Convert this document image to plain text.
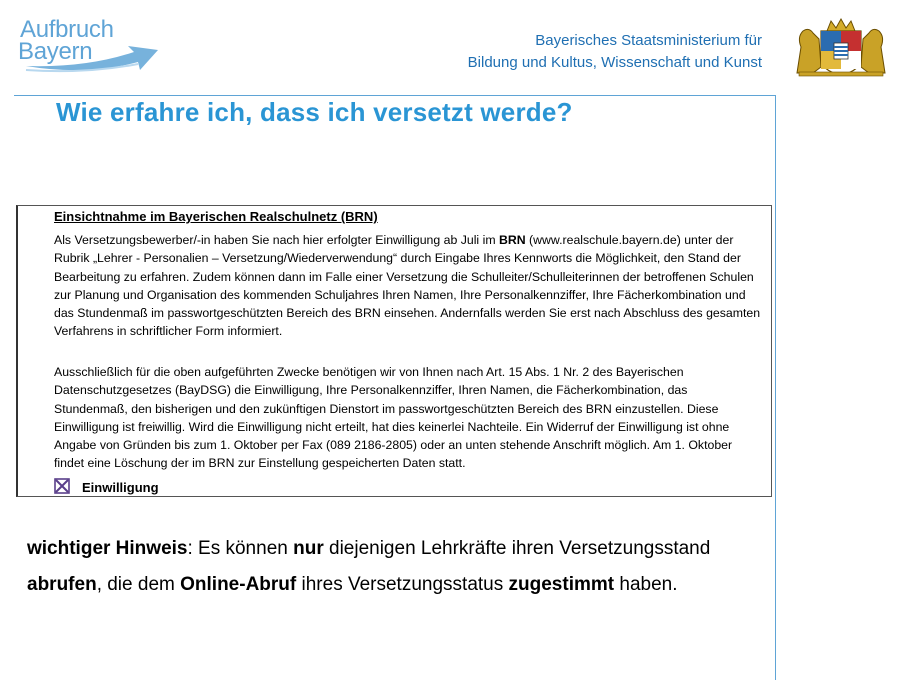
Aufbruch
Bayern	Bayerisches Staatsministerium für
Bildung und Kultus, Wissenschaft und Kunst
Wie erfahre ich, dass ich versetzt werde?
Einsichtnahme im Bayerischen Realschulnetz (BRN)
Als Versetzungsbewerber/-in haben Sie nach hier erfolgter Einwilligung ab Juli im BRN (www.realschule.bayern.de) unter der Rubrik „Lehrer - Personalien – Versetzung/Wiederverwendung“ durch Eingabe Ihres Kennworts die Möglichkeit, den Stand der Bearbeitung zu erfahren. Zudem können dann im Falle einer Versetzung die Schulleiter/Schulleiterinnen der betroffenen Schulen zur Planung und Organisation des kommenden Schuljahres Ihren Namen, Ihre Personalkennziffer, Ihre Fächerkombination und das Stundenmaß im passwortgeschützten Bereich des BRN einsehen. Andernfalls werden Sie erst nach Abschluss des gesamten Verfahrens in schriftlicher Form informiert.
Ausschließlich für die oben aufgeführten Zwecke benötigen wir von Ihnen nach Art. 15 Abs. 1 Nr. 2 des Bayerischen Datenschutzgesetzes (BayDSG) die Einwilligung, Ihre Personalkennziffer, Ihren Namen, die Fächerkombination, das Stundenmaß, den bisherigen und den zukünftigen Dienstort im passwortgeschützten Bereich des BRN einzustellen. Diese Einwilligung ist freiwillig. Wird die Einwilligung nicht erteilt, hat dies keinerlei Nachteile. Ein Widerruf der Einwilligung ist ohne Angabe von Gründen bis zum 1. Oktober per Fax (089 2186-2805) oder an unten stehende Anschrift möglich. Am 1. Oktober findet eine Löschung der im BRN zur Einstellung gespeicherten Daten statt.
Einwilligung
wichtiger Hinweis: Es können nur diejenigen Lehrkräfte ihren Versetzungsstand abrufen, die dem Online-Abruf ihres Versetzungsstatus zugestimmt haben.
